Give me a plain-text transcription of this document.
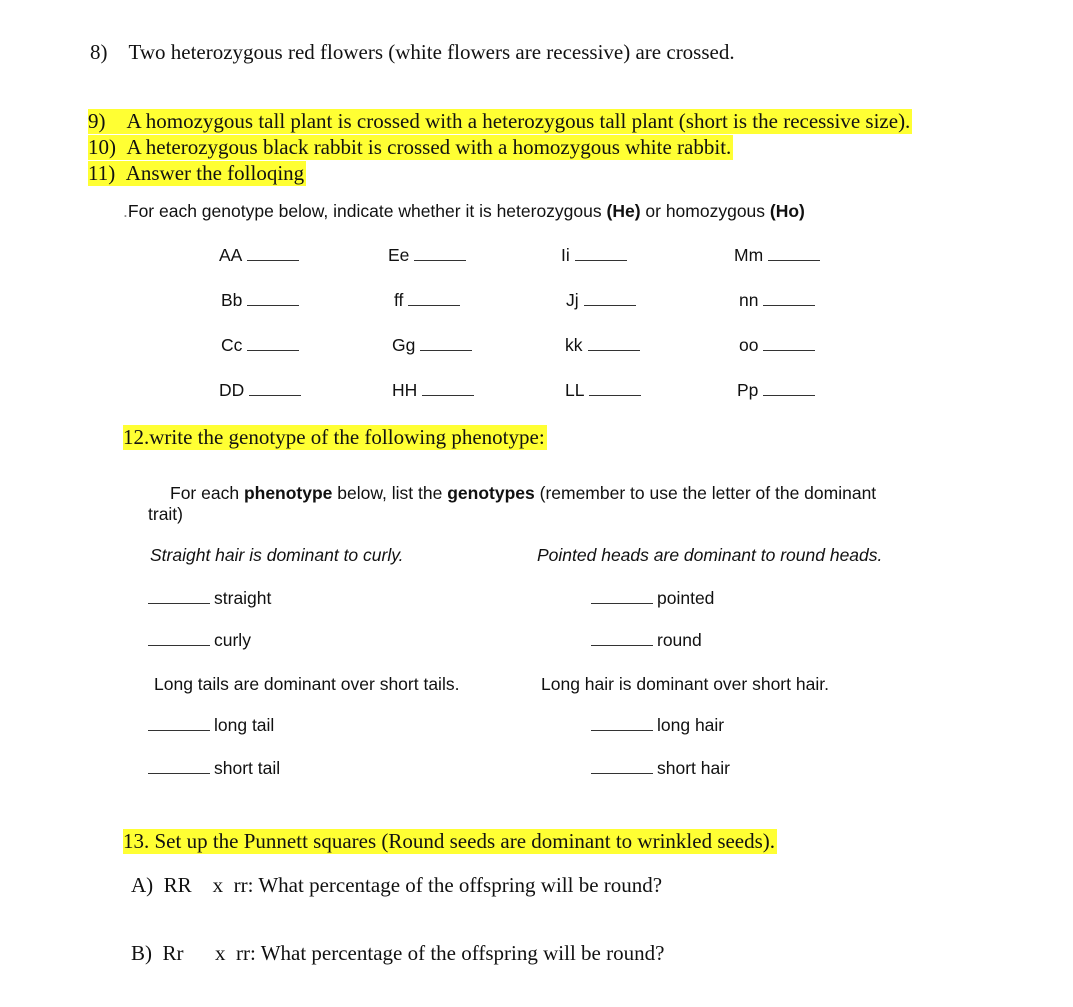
8) Two heterozygous red flowers (white flowers are recessive) are crossed.
9) A homozygous tall plant is crossed with a heterozygous tall plant (short is the recessive size).
10) A heterozygous black rabbit is crossed with a homozygous white rabbit.
11) Answer the folloqing
.For each genotype below, indicate whether it is heterozygous (He) or homozygous (Ho)
AA	Ee	Ii	Mm
Bb	ff	Jj	nn
Cc	Gg	kk	oo
DD	HH	LL	Pp
12.write the genotype of the following phenotype:
For each phenotype below, list the genotypes (remember to use the letter of the dominant
trait)
Straight hair is dominant to curly.	Pointed heads are dominant to round heads.
straight	pointed
curly	round
Long tails are dominant over short tails.	Long hair is dominant over short hair.
long tail	long hair
short tail	short hair
13. Set up the Punnett squares (Round seeds are dominant to wrinkled seeds).
A) RR x rr: What percentage of the offspring will be round?
B) Rr  x rr: What percentage of the offspring will be round?
